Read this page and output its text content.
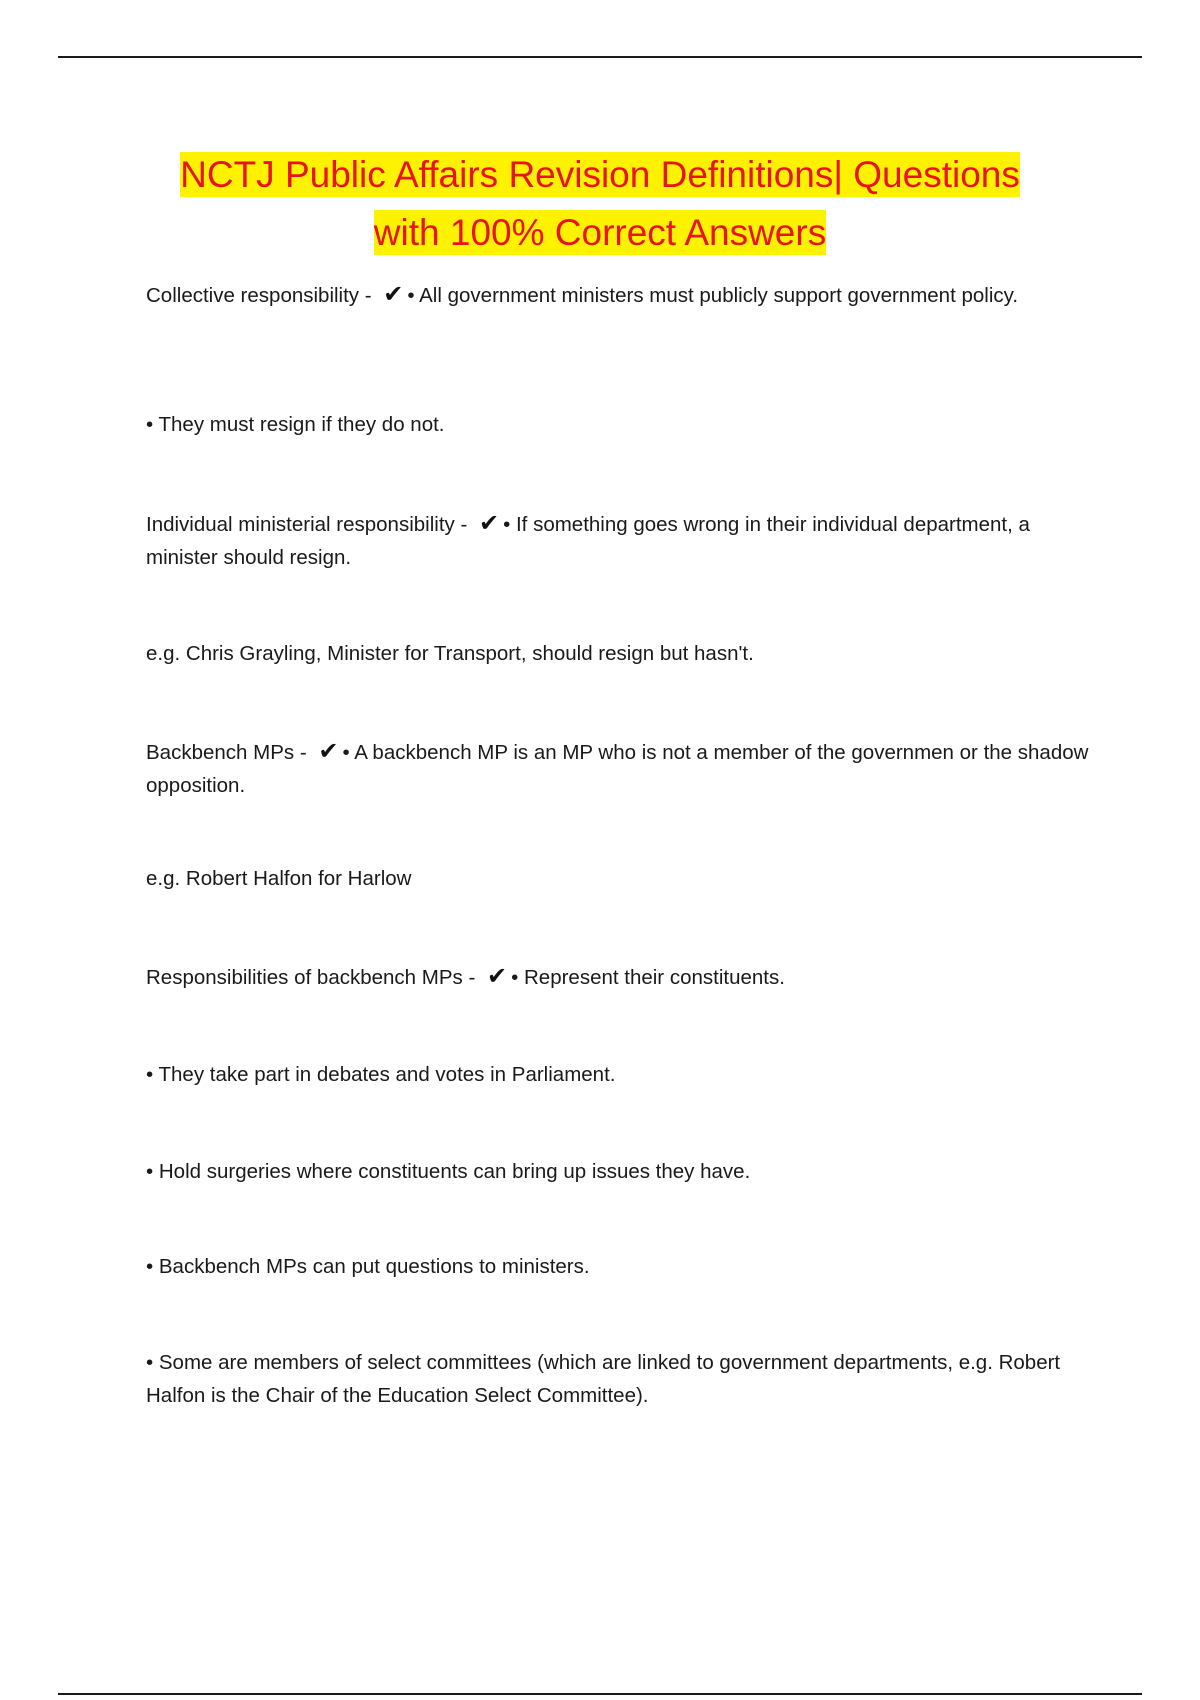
NCTJ Public Affairs Revision Definitions| Questions
with 100% Correct Answers

Collective responsibility - ✔ • All government ministers must publicly support government policy.

• They must resign if they do not.

Individual ministerial responsibility - ✔ • If something goes wrong in their individual department, a minister should resign.

e.g. Chris Grayling, Minister for Transport, should resign but hasn't.

Backbench MPs - ✔ • A backbench MP is an MP who is not a member of the governmen or the shadow opposition.

e.g. Robert Halfon for Harlow

Responsibilities of backbench MPs - ✔ • Represent their constituents.

• They take part in debates and votes in Parliament.

• Hold surgeries where constituents can bring up issues they have.

• Backbench MPs can put questions to ministers.

• Some are members of select committees (which are linked to government departments, e.g. Robert Halfon is the Chair of the Education Select Committee).
